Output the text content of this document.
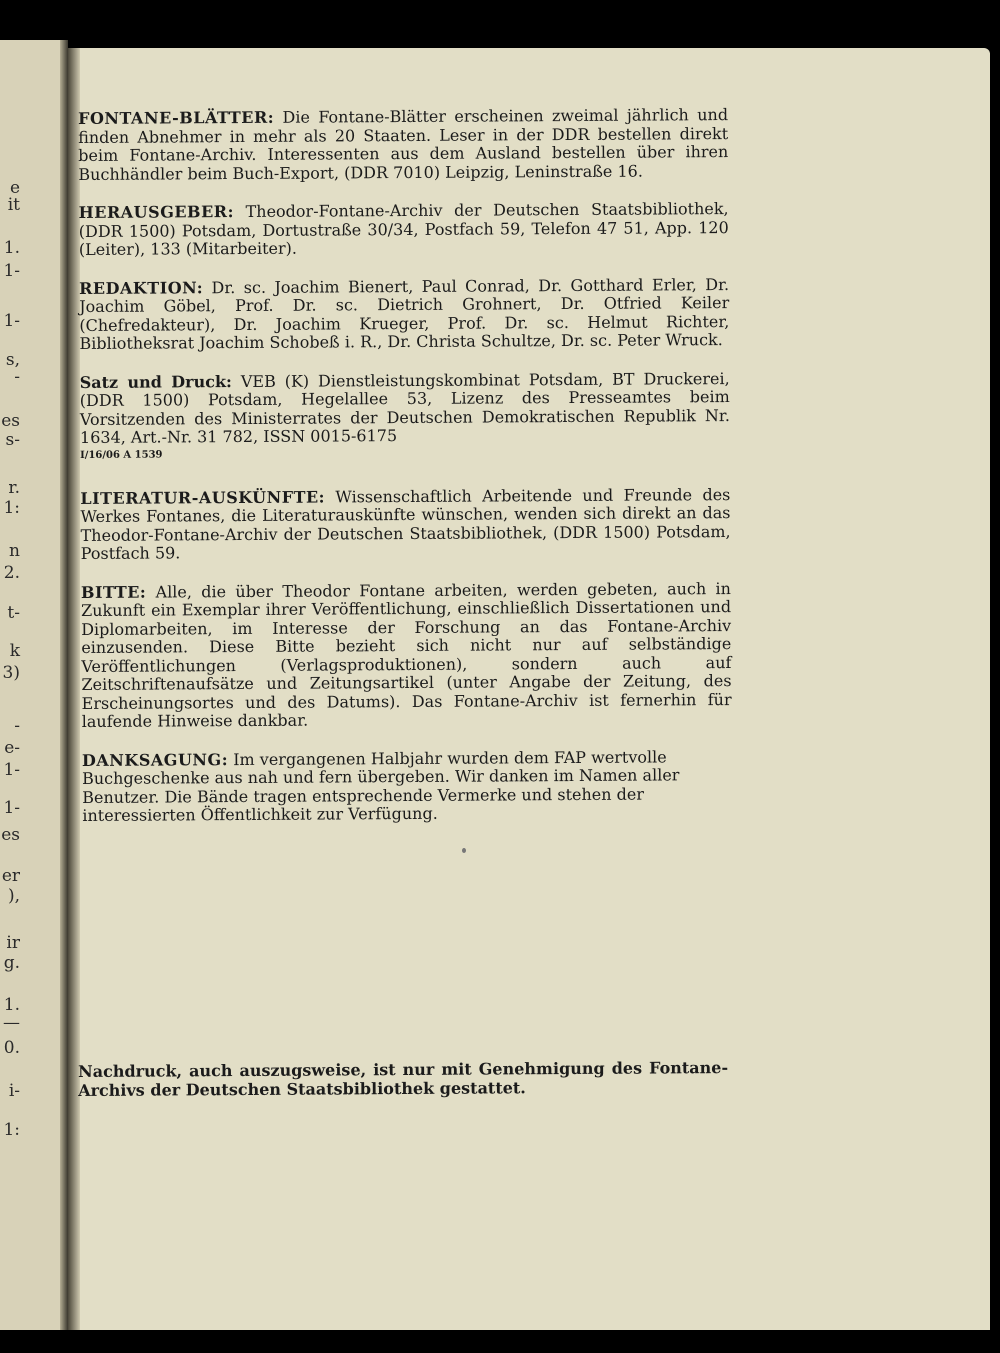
FONTANE-BLÄTTER: Die Fontane-Blätter erscheinen zweimal jährlich und finden Abnehmer in mehr als 20 Staaten. Leser in der DDR bestellen direkt beim Fontane-Archiv. Interessenten aus dem Ausland bestellen über ihren Buchhändler beim Buch-Export, (DDR 7010) Leipzig, Leninstraße 16.

HERAUSGEBER: Theodor-Fontane-Archiv der Deutschen Staatsbibliothek, (DDR 1500) Potsdam, Dortustraße 30/34, Postfach 59, Telefon 47 51, App. 120 (Leiter), 133 (Mitarbeiter).

REDAKTION: Dr. sc. Joachim Bienert, Paul Conrad, Dr. Gotthard Erler, Dr. Joachim Göbel, Prof. Dr. sc. Dietrich Grohnert, Dr. Otfried Keiler (Chefredakteur), Dr. Joachim Krueger, Prof. Dr. sc. Helmut Richter, Bibliotheksrat Joachim Schobeß i. R., Dr. Christa Schultze, Dr. sc. Peter Wruck.

Satz und Druck: VEB (K) Dienstleistungskombinat Potsdam, BT Druckerei, (DDR 1500) Potsdam, Hegelallee 53, Lizenz des Presseamtes beim Vorsitzenden des Ministerrates der Deutschen Demokratischen Republik Nr. 1634, Art.-Nr. 31 782, ISSN 0015-6175
I/16/06 A 1539

LITERATUR-AUSKÜNFTE: Wissenschaftlich Arbeitende und Freunde des Werkes Fontanes, die Literaturauskünfte wünschen, wenden sich direkt an das Theodor-Fontane-Archiv der Deutschen Staatsbibliothek, (DDR 1500) Potsdam, Postfach 59.

BITTE: Alle, die über Theodor Fontane arbeiten, werden gebeten, auch in Zukunft ein Exemplar ihrer Veröffentlichung, einschließlich Dissertationen und Diplomarbeiten, im Interesse der Forschung an das Fontane-Archiv einzusenden. Diese Bitte bezieht sich nicht nur auf selbständige Veröffentlichungen (Verlagsproduktionen), sondern auch auf Zeitschriftenaufsätze und Zeitungsartikel (unter Angabe der Zeitung, des Erscheinungsortes und des Datums). Das Fontane-Archiv ist fernerhin für laufende Hinweise dankbar.

DANKSAGUNG: Im vergangenen Halbjahr wurden dem FAP wertvolle Buchgeschenke aus nah und fern übergeben. Wir danken im Namen aller Benutzer. Die Bände tragen entsprechende Vermerke und stehen der interessierten Öffentlichkeit zur Verfügung.

Nachdruck, auch auszugsweise, ist nur mit Genehmigung des Fontane-Archivs der Deutschen Staatsbibliothek gestattet.
e
it
1.
1-
1-
s,
-
es
s-
r.
1:
n
2.
t-
k
3)
-
e-
1-
1-
es
er
),
ir
g.
1.
—
0.
i-
1:
